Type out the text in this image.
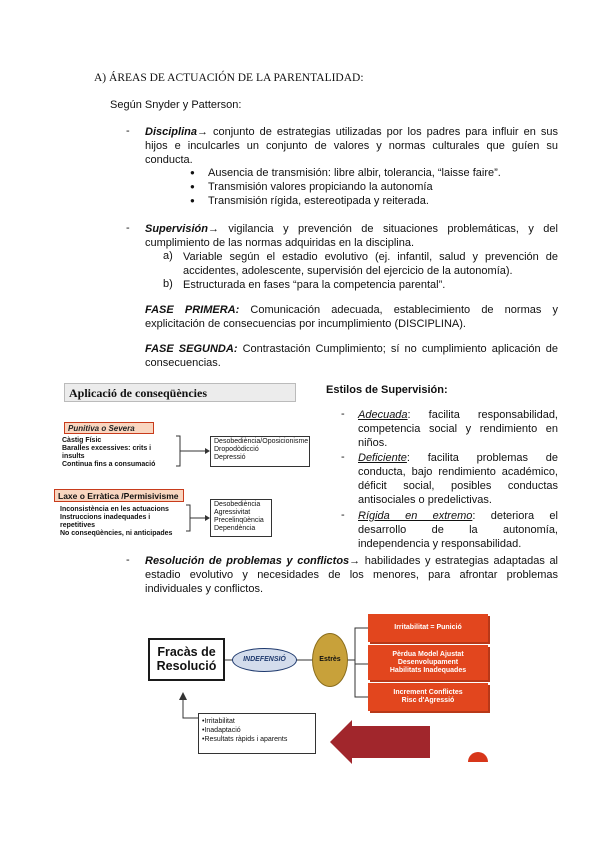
A) ÁREAS DE ACTUACIÓN DE LA PARENTALIDAD:
Según Snyder y Patterson:
- Disciplina→ conjunto de estrategias utilizadas por los padres para influir en sus hijos e inculcarles un conjunto de valores y normas culturales que guíen su conducta.
● Ausencia de transmisión: libre albir, tolerancia, “laisse faire”.
● Transmisión valores propiciando la autonomía
● Transmisión rígida, estereotipada y reiterada.
- Supervisión→ vigilancia y prevención de situaciones problemáticas, y del cumplimiento de las normas adquiridas en la disciplina.
a) Variable según el estadio evolutivo (ej. infantil, salud y prevención de accidentes, adolescente, supervisión del ejercicio de la autonomía).
b) Estructurada en fases “para la competencia parental”.
FASE PRIMERA: Comunicación adecuada, establecimiento de normas y explicitación de consecuencias por incumplimiento (DISCIPLINA).
FASE SEGUNDA: Contrastación Cumplimiento; sí no cumplimiento aplicación de consecuencias.
Aplicació de conseqüències
Punitiva o Severa
Càstig Físic
Baralles excessives: crits i insults
Continua fins a consumació
Desobediència/Oposicionisme
Dropodòdicció
Depressió
Laxe o Erràtica /Permisivisme
Inconsistència en les actuacions
Instruccions inadequades i repetitives
No conseqüències, ni anticipades
Desobediència
Agressivitat
Precelinqüència
Dependència
Estilos de Supervisión:
- Adecuada: facilita responsabilidad, competencia social y rendimiento en niños.
- Deficiente: facilita problemas de conducta, bajo rendimiento académico, déficit social, posibles conductas antisociales o predelictivas.
- Rígida en extremo: deteriora el desarrollo de la autonomía, independencia y responsabilidad.
- Resolución de problemas y conflictos→ habilidades y estrategias adaptadas al estadio evolutivo y necesidades de los menores, para afrontar problemas individuales y conflictos.
Fracàs de
Resolució	INDEFENSIÓ	Estrès
Irritabilitat = Punició
Pèrdua Model Ajustat
Desenvolupament
Habilitats Inadequades
Increment Conflictes
Risc d'Agressió
•Irritabilitat
•Inadaptació
•Resultats ràpids i aparents
